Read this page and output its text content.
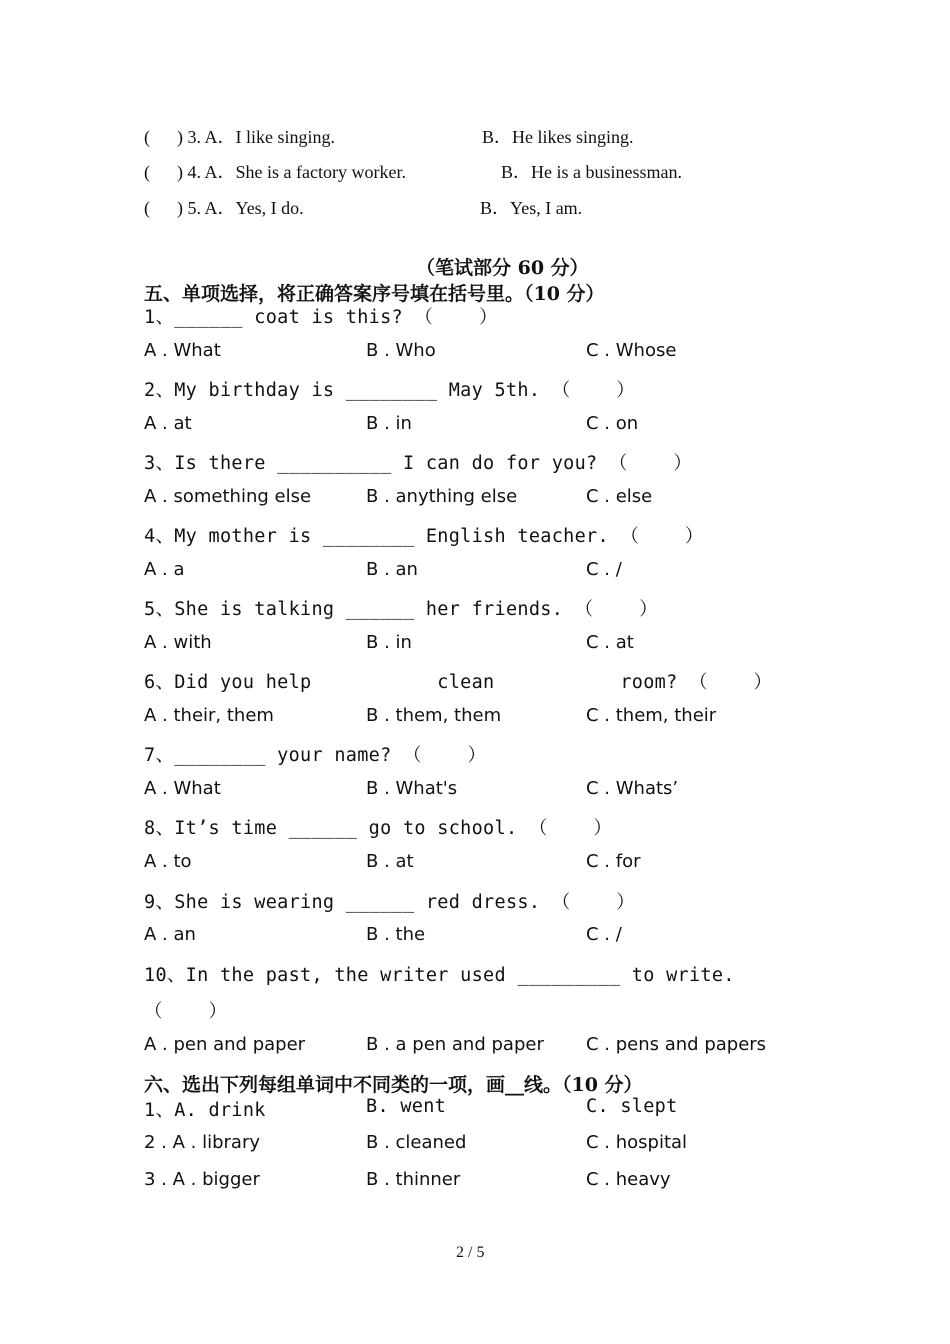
(      ) 3. A．I like singing.	B．He likes singing.
(      ) 4. A．She is a factory worker.	B．He is a businessman.
(      ) 5. A．Yes, I do.	B．Yes, I am.
（笔试部分 60 分）
五、单项选择，将正确答案序号填在括号里。（10 分）
1、______ coat is this? （    ）
A . What	B . Who	C . Whose
2、My birthday is ________ May 5th. （    ）
A . at	B . in	C . on
3、Is there __________ I can do for you? （    ）
A . something else	B . anything else	C . else
4、My mother is ________ English teacher. （    ）
A . a	B . an	C . /
5、She is talking ______ her friends. （    ）
A . with	B . in	C . at
6、Did you help           clean           room? （    ）
A . their, them	B . them, them	C . them, their
7、________ your name? （    ）
A . What	B . What's	C . Whats’
8、It’s time ______ go to school. （    ）
A . to	B . at	C . for
9、She is wearing ______ red dress. （    ）
A . an	B . the	C . /
10、In the past, the writer used _________ to write.
（    ）
A . pen and paper	B . a pen and paper C . pens and papers
六、选出下列每组单词中不同类的一项，画__线。（10 分）
1、A. drink	B. went	C. slept
2 . A . library	B . cleaned	C . hospital
3 . A . bigger	B . thinner	C . heavy
2 / 5
